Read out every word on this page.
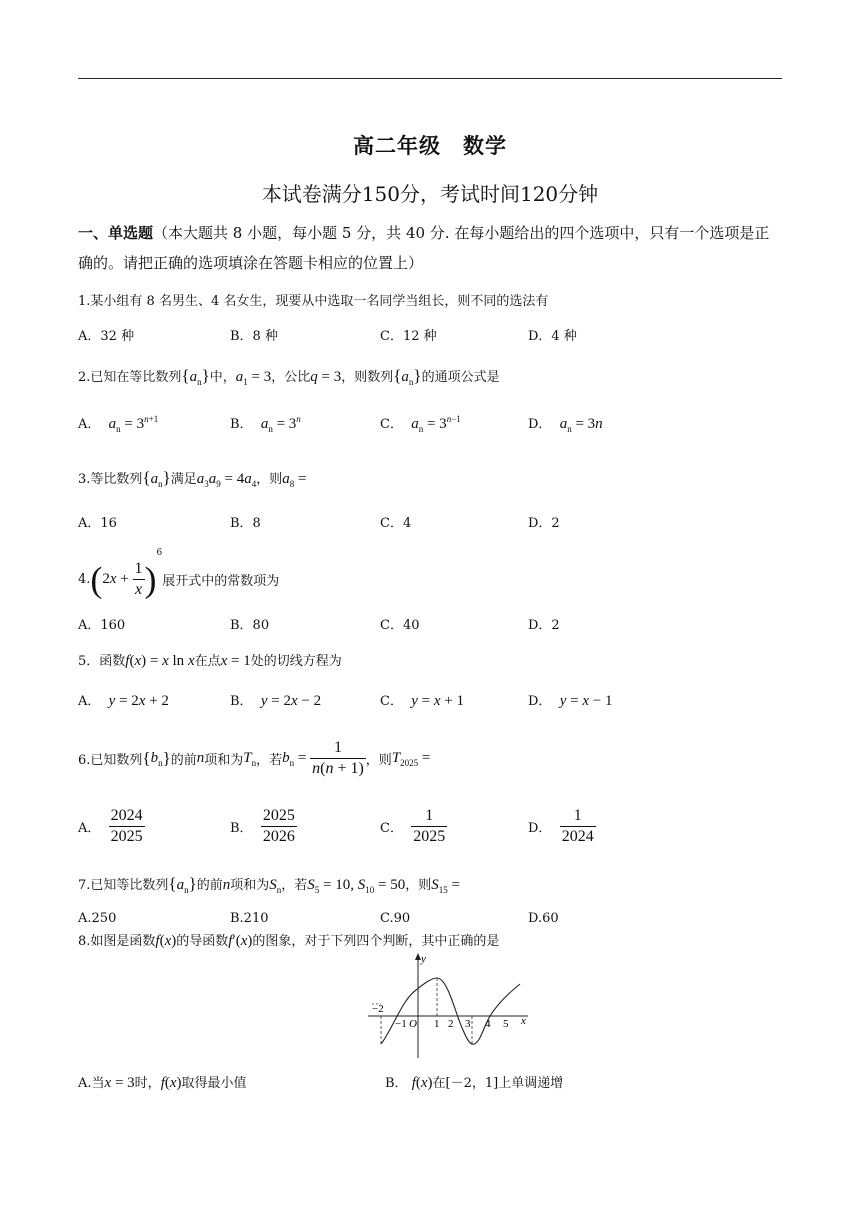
高二年级　数学
本试卷满分150分，考试时间120分钟
一、单选题（本大题共 8 小题，每小题 5 分，共 40 分. 在每小题给出的四个选项中，只有一个选项是正确的。请把正确的选项填涂在答题卡相应的位置上）
1.某小组有 8 名男生、4 名女生，现要从中选取一名同学当组长，则不同的选法有
A．32 种	B．8 种	C．12 种	D．4 种
2.已知在等比数列$\{a_n\}$中，$a_1 = 3$，公比q = 3，则数列$\{a_n\}$的通项公式是
A． $a_n = 3^{n+1}$	B． $a_n = 3^n$	C． $a_n = 3^{n-1}$	D． $a_n = 3n$
3.等比数列$\{a_n\}$满足$a_3a_9 = 4a_4$，则$a_8$ =
A．16	B．8	C．4	D．2
$4.(2x + \frac{1}{x} )^6$展开式中的常数项为
A．160	B．80	C．40	D．2
5．函数f(x) = x ln x在点x = 1处的切线方程为
A． y = 2x + 2	B． y = 2x − 2	C． y = x + 1	D． y = x − 1
6.已知数列$\{b_n\}$的前n项和为$T_n$，若$b_n = \frac{1}{n(n + 1)}$ ，则$T_{2025}$ =
A． $\frac{2024}{2025}$	B． $\frac{2025}{2026}$	C． $\frac{1}{2025}$	D． $\frac{1}{2024}$
7.已知等比数列$\{a_n\}$的前n项和为$S_n$，若$S_5 = 10$, $S_{10} = 50$，则$S_{15}$ =
A.250	B.210	C.90	D.60
8.如图是函数f(x)的导函数f′(x)的图象，对于下列四个判断，其中正确的是
y
x
−2
−1 O 1 2 3 4 5
A.当x = 3时，f(x)取得最小值	B． f(x)在[－2，1]上单调递增
